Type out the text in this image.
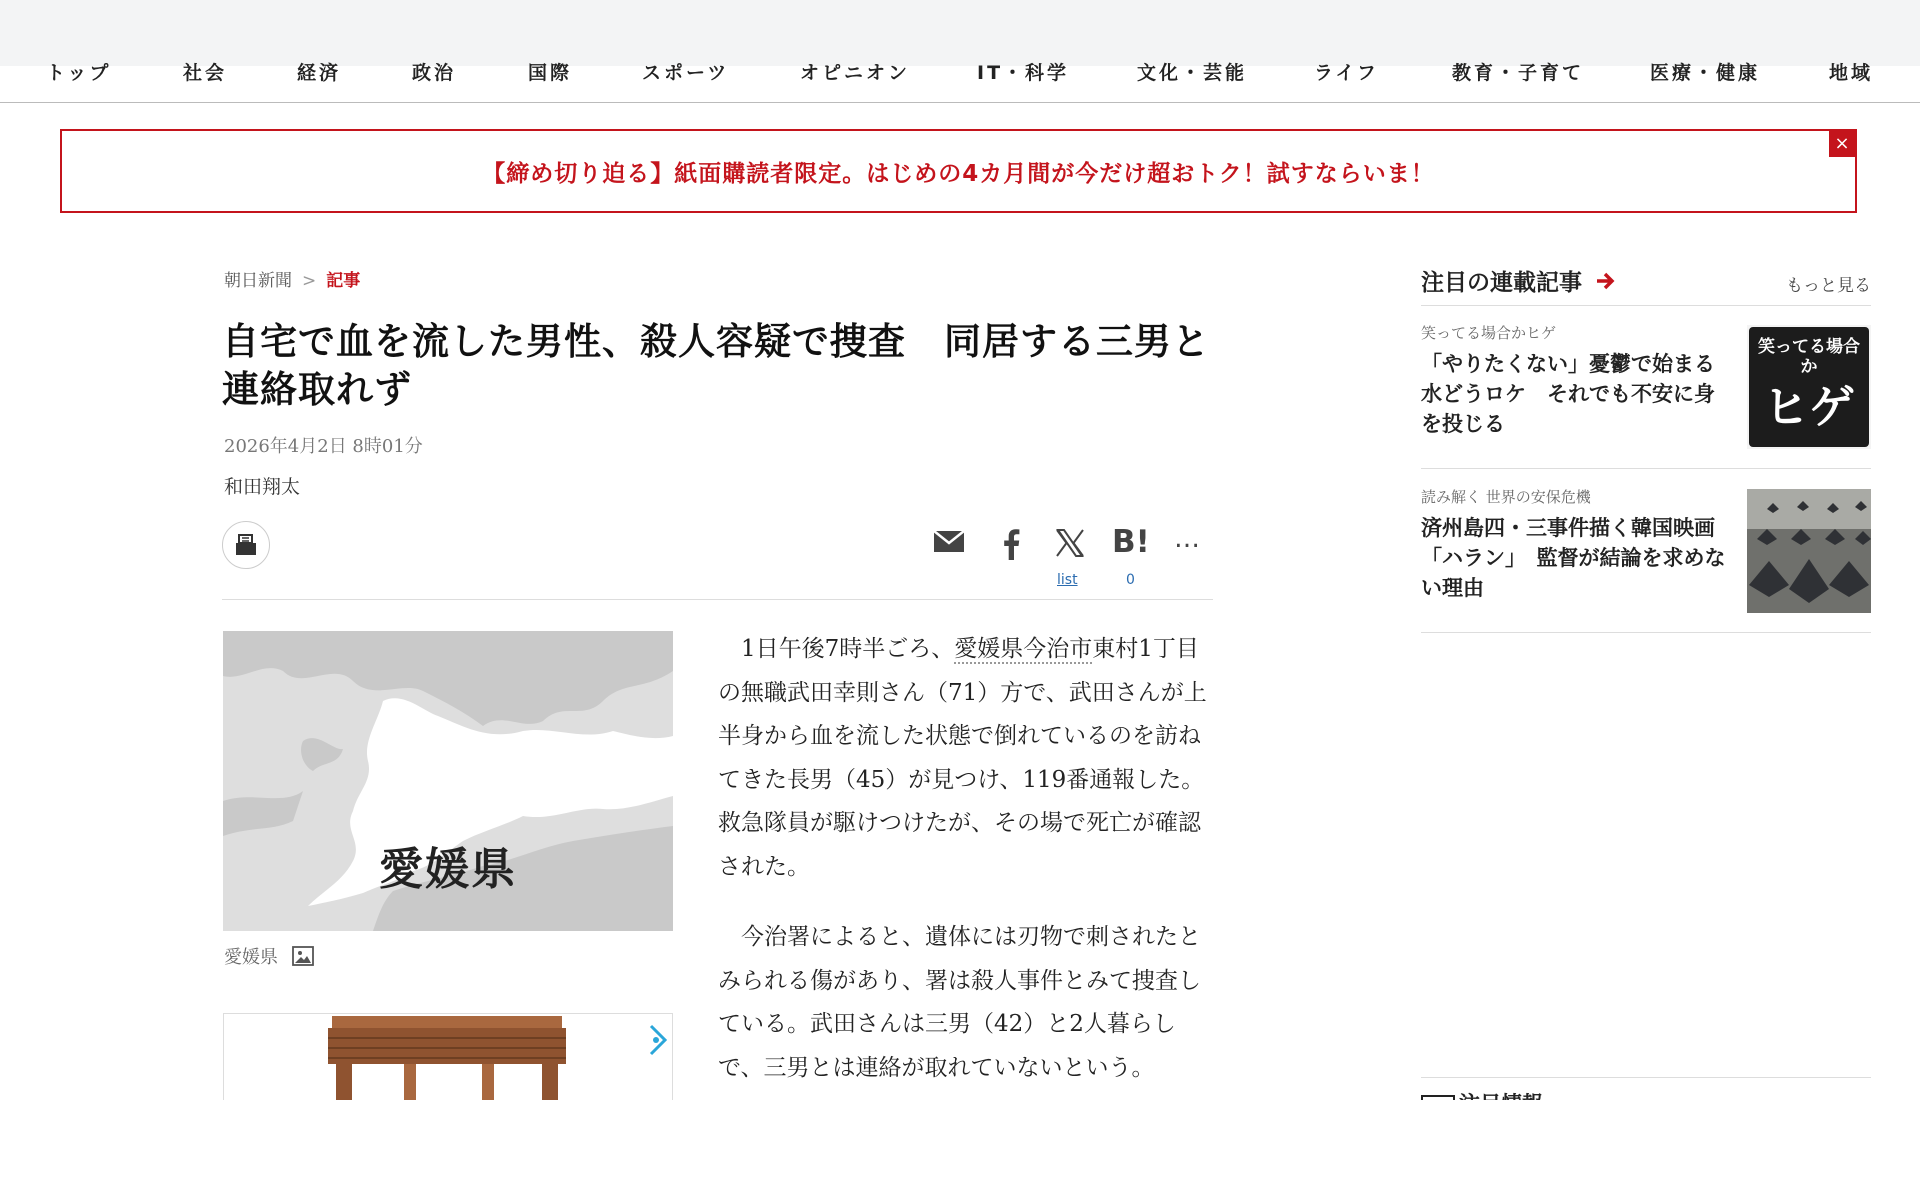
トップ	社会	経済	政治	国際	スポーツ	オピニオン	IT・科学	文化・芸能	ライフ	教育・子育て	医療・健康	地域
【締め切り迫る】紙面購読者限定。はじめの4カ月間が今だけ超おトク！試すならいま！
×
朝日新聞 > 記事
自宅で血を流した男性、殺人容疑で捜査　同居する三男と連絡取れず
2026年4月2日 8時01分
和田翔太
list
B!
0
…
愛媛県
愛媛県

1日午後7時半ごろ、愛媛県今治市東村1丁目の無職武田幸則さん（71）方で、武田さんが上半身から血を流した状態で倒れているのを訪ねてきた長男（45）が見つけ、119番通報した。救急隊員が駆けつけたが、その場で死亡が確認された。

今治署によると、遺体には刃物で刺されたとみられる傷があり、署は殺人事件とみて捜査している。武田さんは三男（42）と2人暮らしで、三男とは連絡が取れていないという。

注目の連載記事	もっと見る
笑ってる場合かヒゲ
「やりたくない」憂鬱で始まる水どうロケ　それでも不安に身を投じる
笑ってる場合か
ヒゲ
読み解く 世界の安保危機
済州島四・三事件描く韓国映画「ハラン」　監督が結論を求めない理由
